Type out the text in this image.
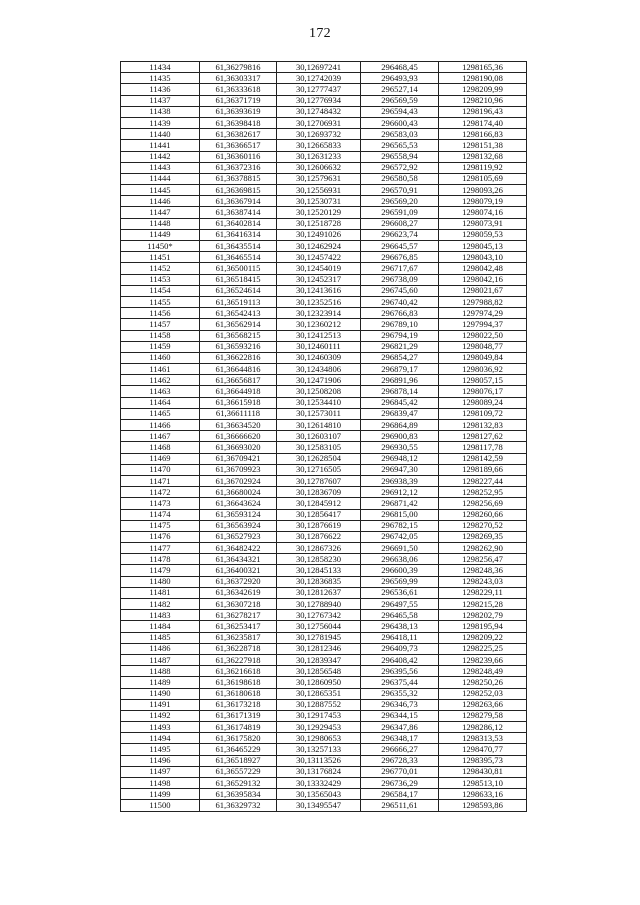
172
11434	61,36279816	30,12697241	296468,45	1298165,36
11435	61,36303317	30,12742039	296493,93	1298190,08
11436	61,36333618	30,12777437	296527,14	1298209,99
11437	61,36371719	30,12776934	296569,59	1298210,96
11438	61,36393619	30,12748432	296594,43	1298196,43
11439	61,36398418	30,12706931	296600,43	1298174,40
11440	61,36382617	30,12693732	296583,03	1298166,83
11441	61,36366517	30,12665833	296565,53	1298151,38
11442	61,36360116	30,12631233	296558,94	1298132,68
11443	61,36372316	30,12606632	296572,92	1298119,92
11444	61,36378815	30,12579631	296580,58	1298105,69
11445	61,36369815	30,12556931	296570,91	1298093,26
11446	61,36367914	30,12530731	296569,20	1298079,19
11447	61,36387414	30,12520129	296591,09	1298074,16
11448	61,36402814	30,12518728	296608,27	1298073,91
11449	61,36416314	30,12491026	296623,74	1298059,53
11450*	61,36435514	30,12462924	296645,57	1298045,13
11451	61,36465514	30,12457422	296676,85	1298043,10
11452	61,36500115	30,12454019	296717,67	1298042,48
11453	61,36518415	30,12452317	296738,09	1298042,16
11454	61,36524614	30,12413616	296745,60	1298021,67
11455	61,36519113	30,12352516	296740,42	1297988,82
11456	61,36542413	30,12323914	296766,83	1297974,29
11457	61,36562914	30,12360212	296789,10	1297994,37
11458	61,36568215	30,12412513	296794,19	1298022,50
11459	61,36593216	30,12460111	296821,29	1298048,77
11460	61,36622816	30,12460309	296854,27	1298049,84
11461	61,36644816	30,12434806	296879,17	1298036,92
11462	61,36656817	30,12471906	296891,96	1298057,15
11463	61,36644918	30,12508208	296878,14	1298076,17
11464	61,36615918	30,12534410	296845,42	1298089,24
11465	61,36611118	30,12573011	296839,47	1298109,72
11466	61,36634520	30,12614810	296864,89	1298132,83
11467	61,36666620	30,12603107	296900,83	1298127,62
11468	61,36693020	30,12583105	296930,55	1298117,78
11469	61,36709421	30,12628504	296948,12	1298142,59
11470	61,36709923	30,12716505	296947,30	1298189,66
11471	61,36702924	30,12787607	296938,39	1298227,44
11472	61,36680024	30,12836709	296912,12	1298252,95
11473	61,36643624	30,12845912	296871,42	1298256,69
11474	61,36593124	30,12856417	296815,00	1298260,66
11475	61,36563924	30,12876619	296782,15	1298270,52
11476	61,36527923	30,12876622	296742,05	1298269,35
11477	61,36482422	30,12867326	296691,50	1298262,90
11478	61,36434321	30,12858230	296638,06	1298256,47
11479	61,36400321	30,12845133	296600,39	1298248,36
11480	61,36372920	30,12836835	296569,99	1298243,03
11481	61,36342619	30,12812637	296536,61	1298229,11
11482	61,36307218	30,12788940	296497,55	1298215,28
11483	61,36278217	30,12767342	296465,58	1298202,79
11484	61,36253417	30,12756044	296438,13	1298195,94
11485	61,36235817	30,12781945	296418,11	1298209,22
11486	61,36228718	30,12812346	296409,73	1298225,25
11487	61,36227918	30,12839347	296408,42	1298239,66
11488	61,36216618	30,12856548	296395,56	1298248,49
11489	61,36198618	30,12860950	296375,44	1298250,26
11490	61,36180618	30,12865351	296355,32	1298252,03
11491	61,36173218	30,12887552	296346,73	1298263,66
11492	61,36171319	30,12917453	296344,15	1298279,58
11493	61,36174819	30,12929453	296347,86	1298286,12
11494	61,36175820	30,12980653	296348,17	1298313,53
11495	61,36465229	30,13257133	296666,27	1298470,77
11496	61,36518927	30,13113526	296728,33	1298395,73
11497	61,36557229	30,13176824	296770,01	1298430,81
11498	61,36529132	30,13332429	296736,29	1298513,10
11499	61,36395834	30,13565043	296584,17	1298633,16
11500	61,36329732	30,13495547	296511,61	1298593,86
